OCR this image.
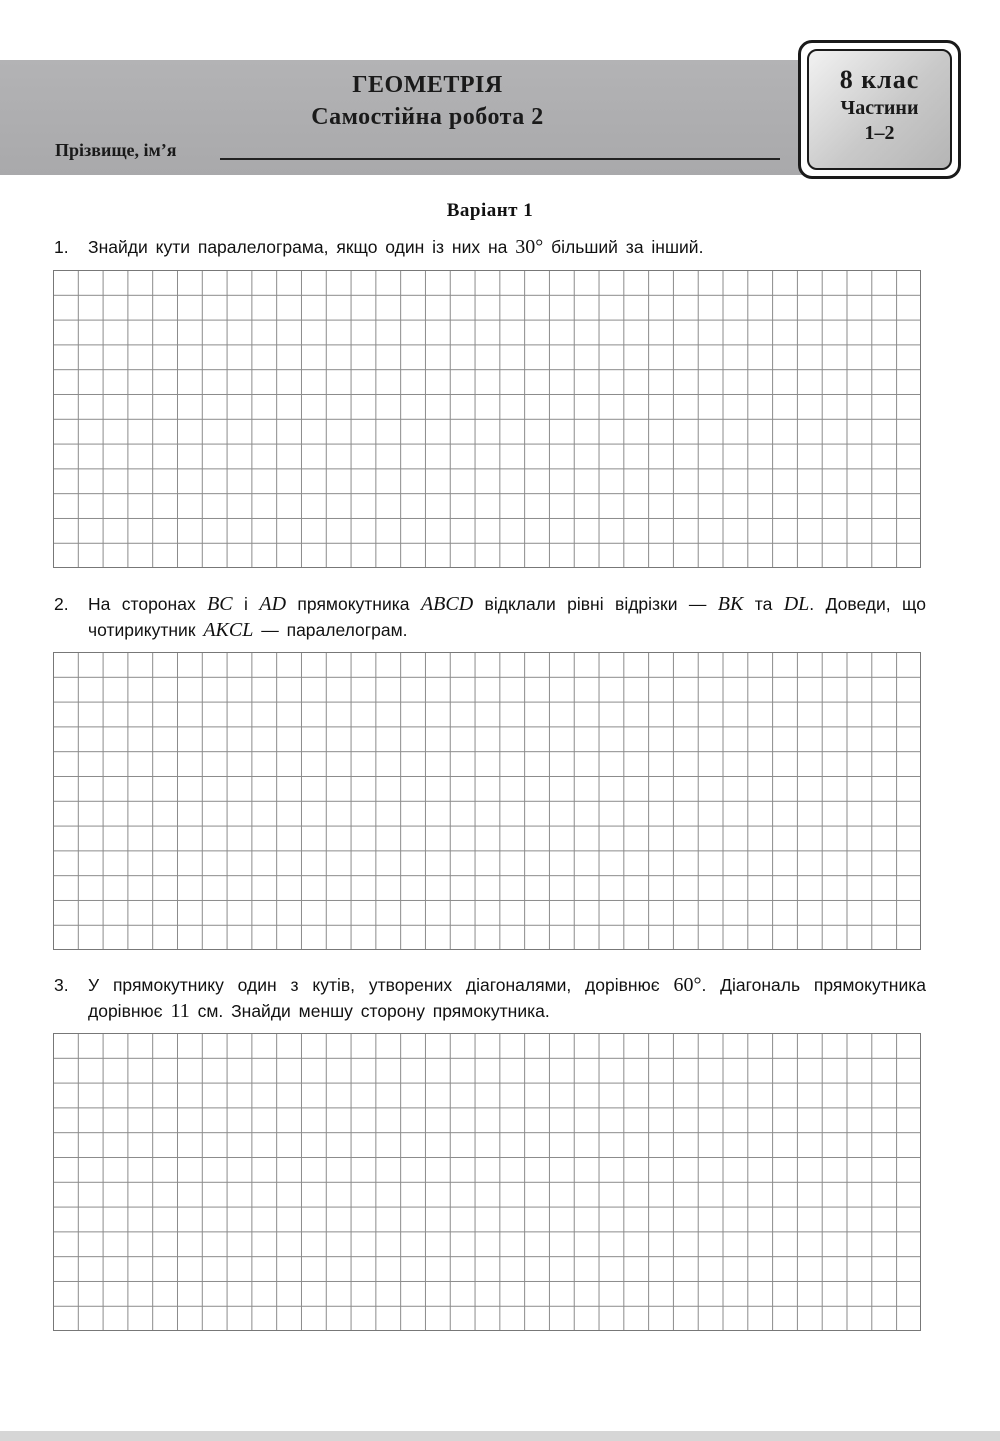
ГЕОМЕТРІЯ
Самостійна робота 2
Прізвище, ім’я
8 клас
Частини
1–2
Варіант 1
1. Знайди кути паралелограма, якщо один із них на 30° більший за інший.
2. На сторонах BC і AD прямокутника ABCD відклали рівні відрізки — BK та DL. Доведи, що чотирикутник AKCL — паралелограм.
3. У прямокутнику один з кутів, утворених діагоналями, дорівнює 60°. Діагональ прямокутника дорівнює 11 см. Знайди меншу сторону прямокутника.
